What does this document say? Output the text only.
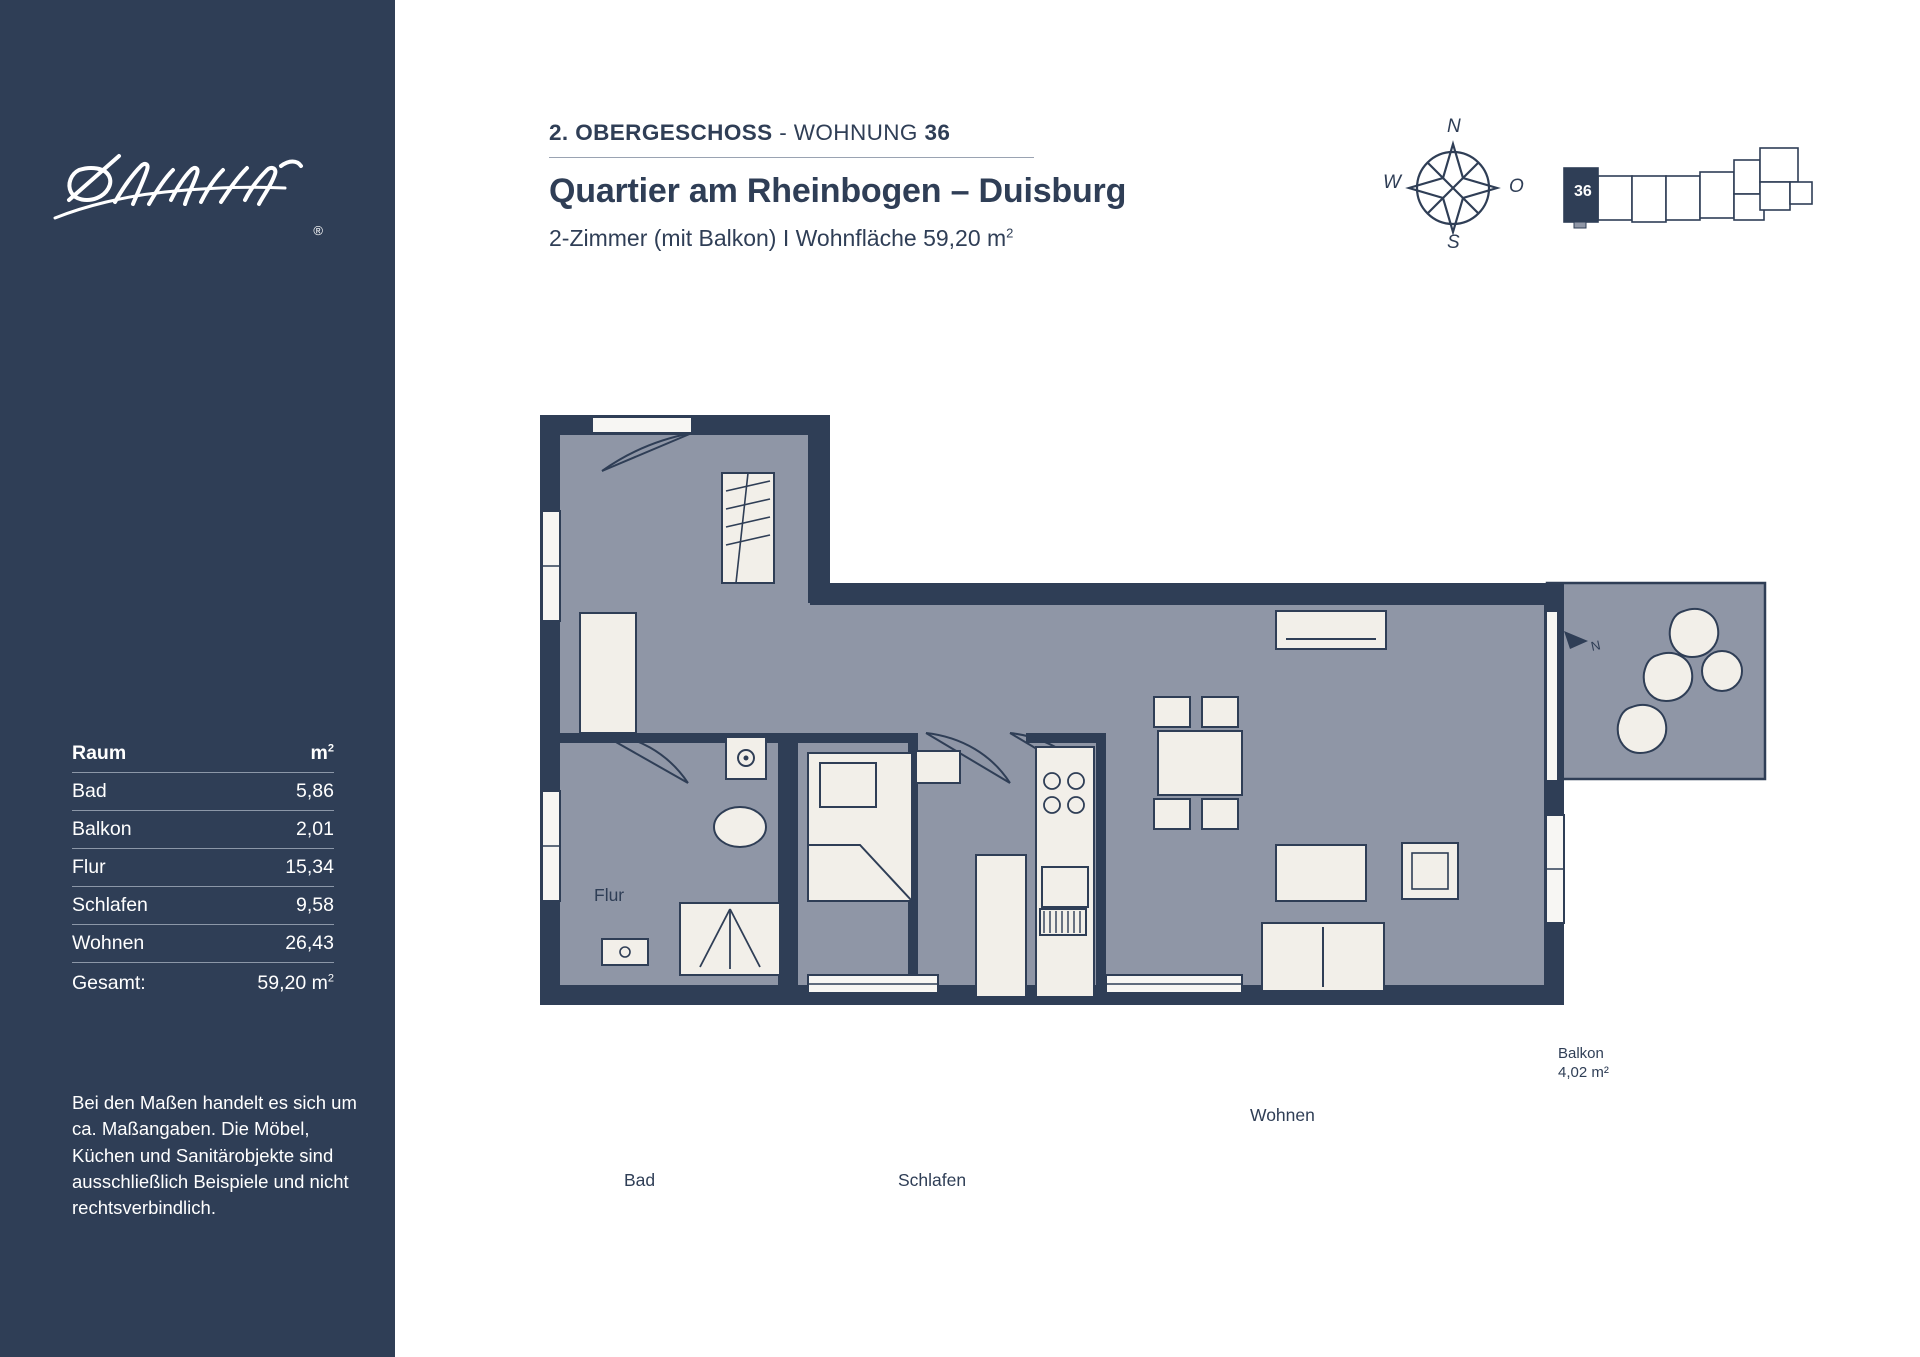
®
Raum	$m^2$
Bad	5,86
Balkon	2,01
Flur	15,34
Schlafen	9,58
Wohnen	26,43
Gesamt:	59,20 $m^2$
Bei den Maßen handelt es sich um ca. Maßangaben. Die Möbel, Küchen und Sanitärobjekte sind ausschließlich Beispiele und nicht rechtsverbindlich.
2. OBERGESCHOSS - WOHNUNG 36
Quartier am Rheinbogen – Duisburg
2-Zimmer (mit Balkon) I Wohnfläche 59,20 $m^2$
N
S
W	O	36
N
Flur
Bad	Schlafen
Wohnen
Balkon
4,02 m²
